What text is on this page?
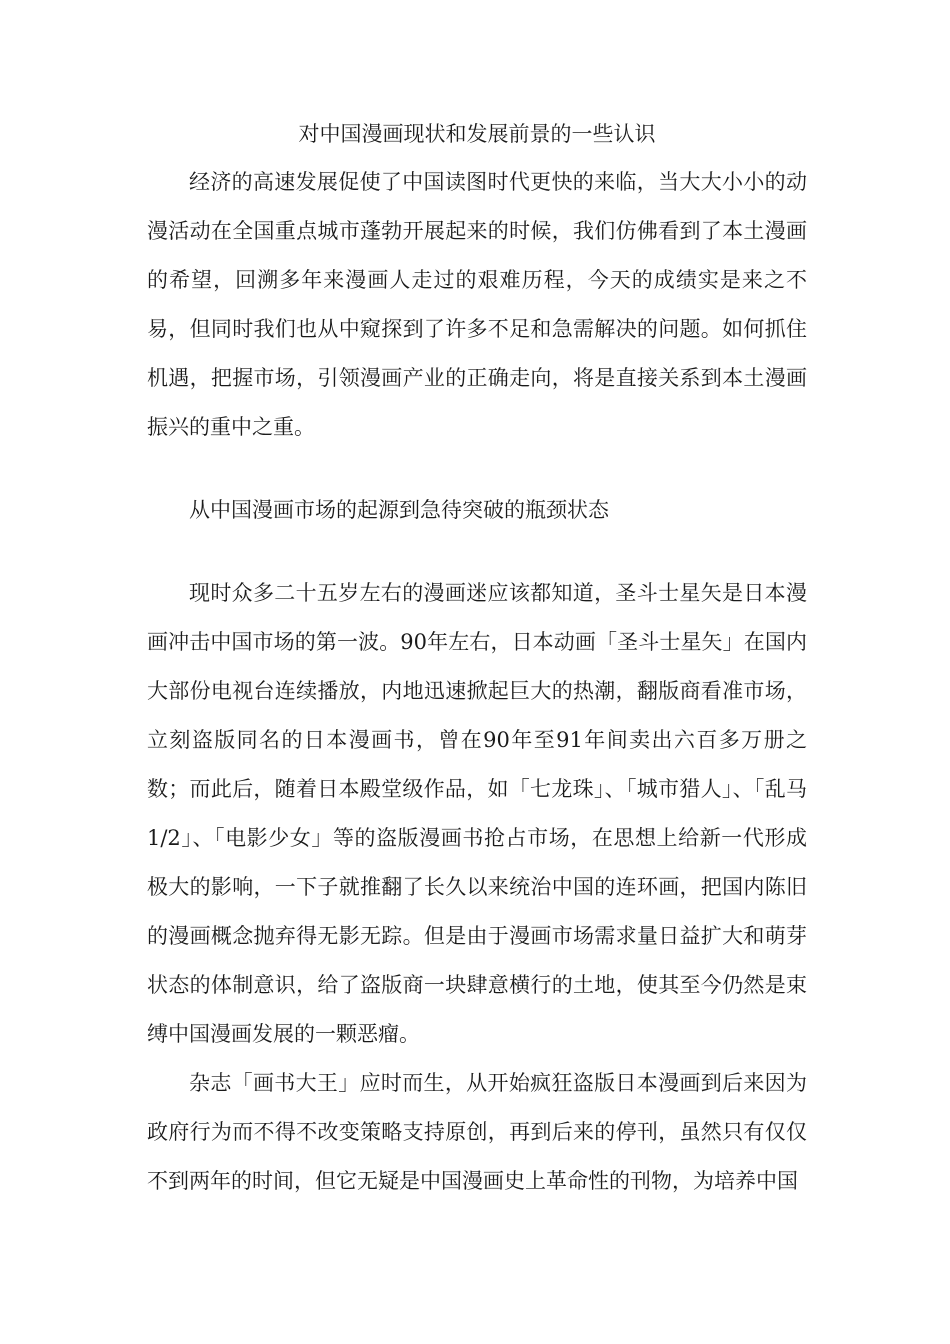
对中国漫画现状和发展前景的一些认识

经济的高速发展促使了中国读图时代更快的来临，当大大小小的动漫活动在全国重点城市蓬勃开展起来的时候，我们仿佛看到了本土漫画的希望，回溯多年来漫画人走过的艰难历程，今天的成绩实是来之不易，但同时我们也从中窥探到了许多不足和急需解决的问题。如何抓住机遇，把握市场，引领漫画产业的正确走向，将是直接关系到本土漫画振兴的重中之重。

从中国漫画市场的起源到急待突破的瓶颈状态

现时众多二十五岁左右的漫画迷应该都知道，圣斗士星矢是日本漫画冲击中国市场的第一波。90年左右，日本动画「圣斗士星矢」在国内大部份电视台连续播放，内地迅速掀起巨大的热潮，翻版商看准市场，立刻盗版同名的日本漫画书，曾在90年至91年间卖出六百多万册之数；而此后，随着日本殿堂级作品，如「七龙珠」、「城市猎人」、「乱马1/2」、「电影少女」等的盗版漫画书抢占市场，在思想上给新一代形成极大的影响，一下子就推翻了长久以来统治中国的连环画，把国内陈旧的漫画概念抛弃得无影无踪。但是由于漫画市场需求量日益扩大和萌芽状态的体制意识，给了盗版商一块肆意横行的土地，使其至今仍然是束缚中国漫画发展的一颗恶瘤。

杂志「画书大王」应时而生，从开始疯狂盗版日本漫画到后来因为政府行为而不得不改变策略支持原创，再到后来的停刊，虽然只有仅仅不到两年的时间，但它无疑是中国漫画史上革命性的刊物，为培养中国
